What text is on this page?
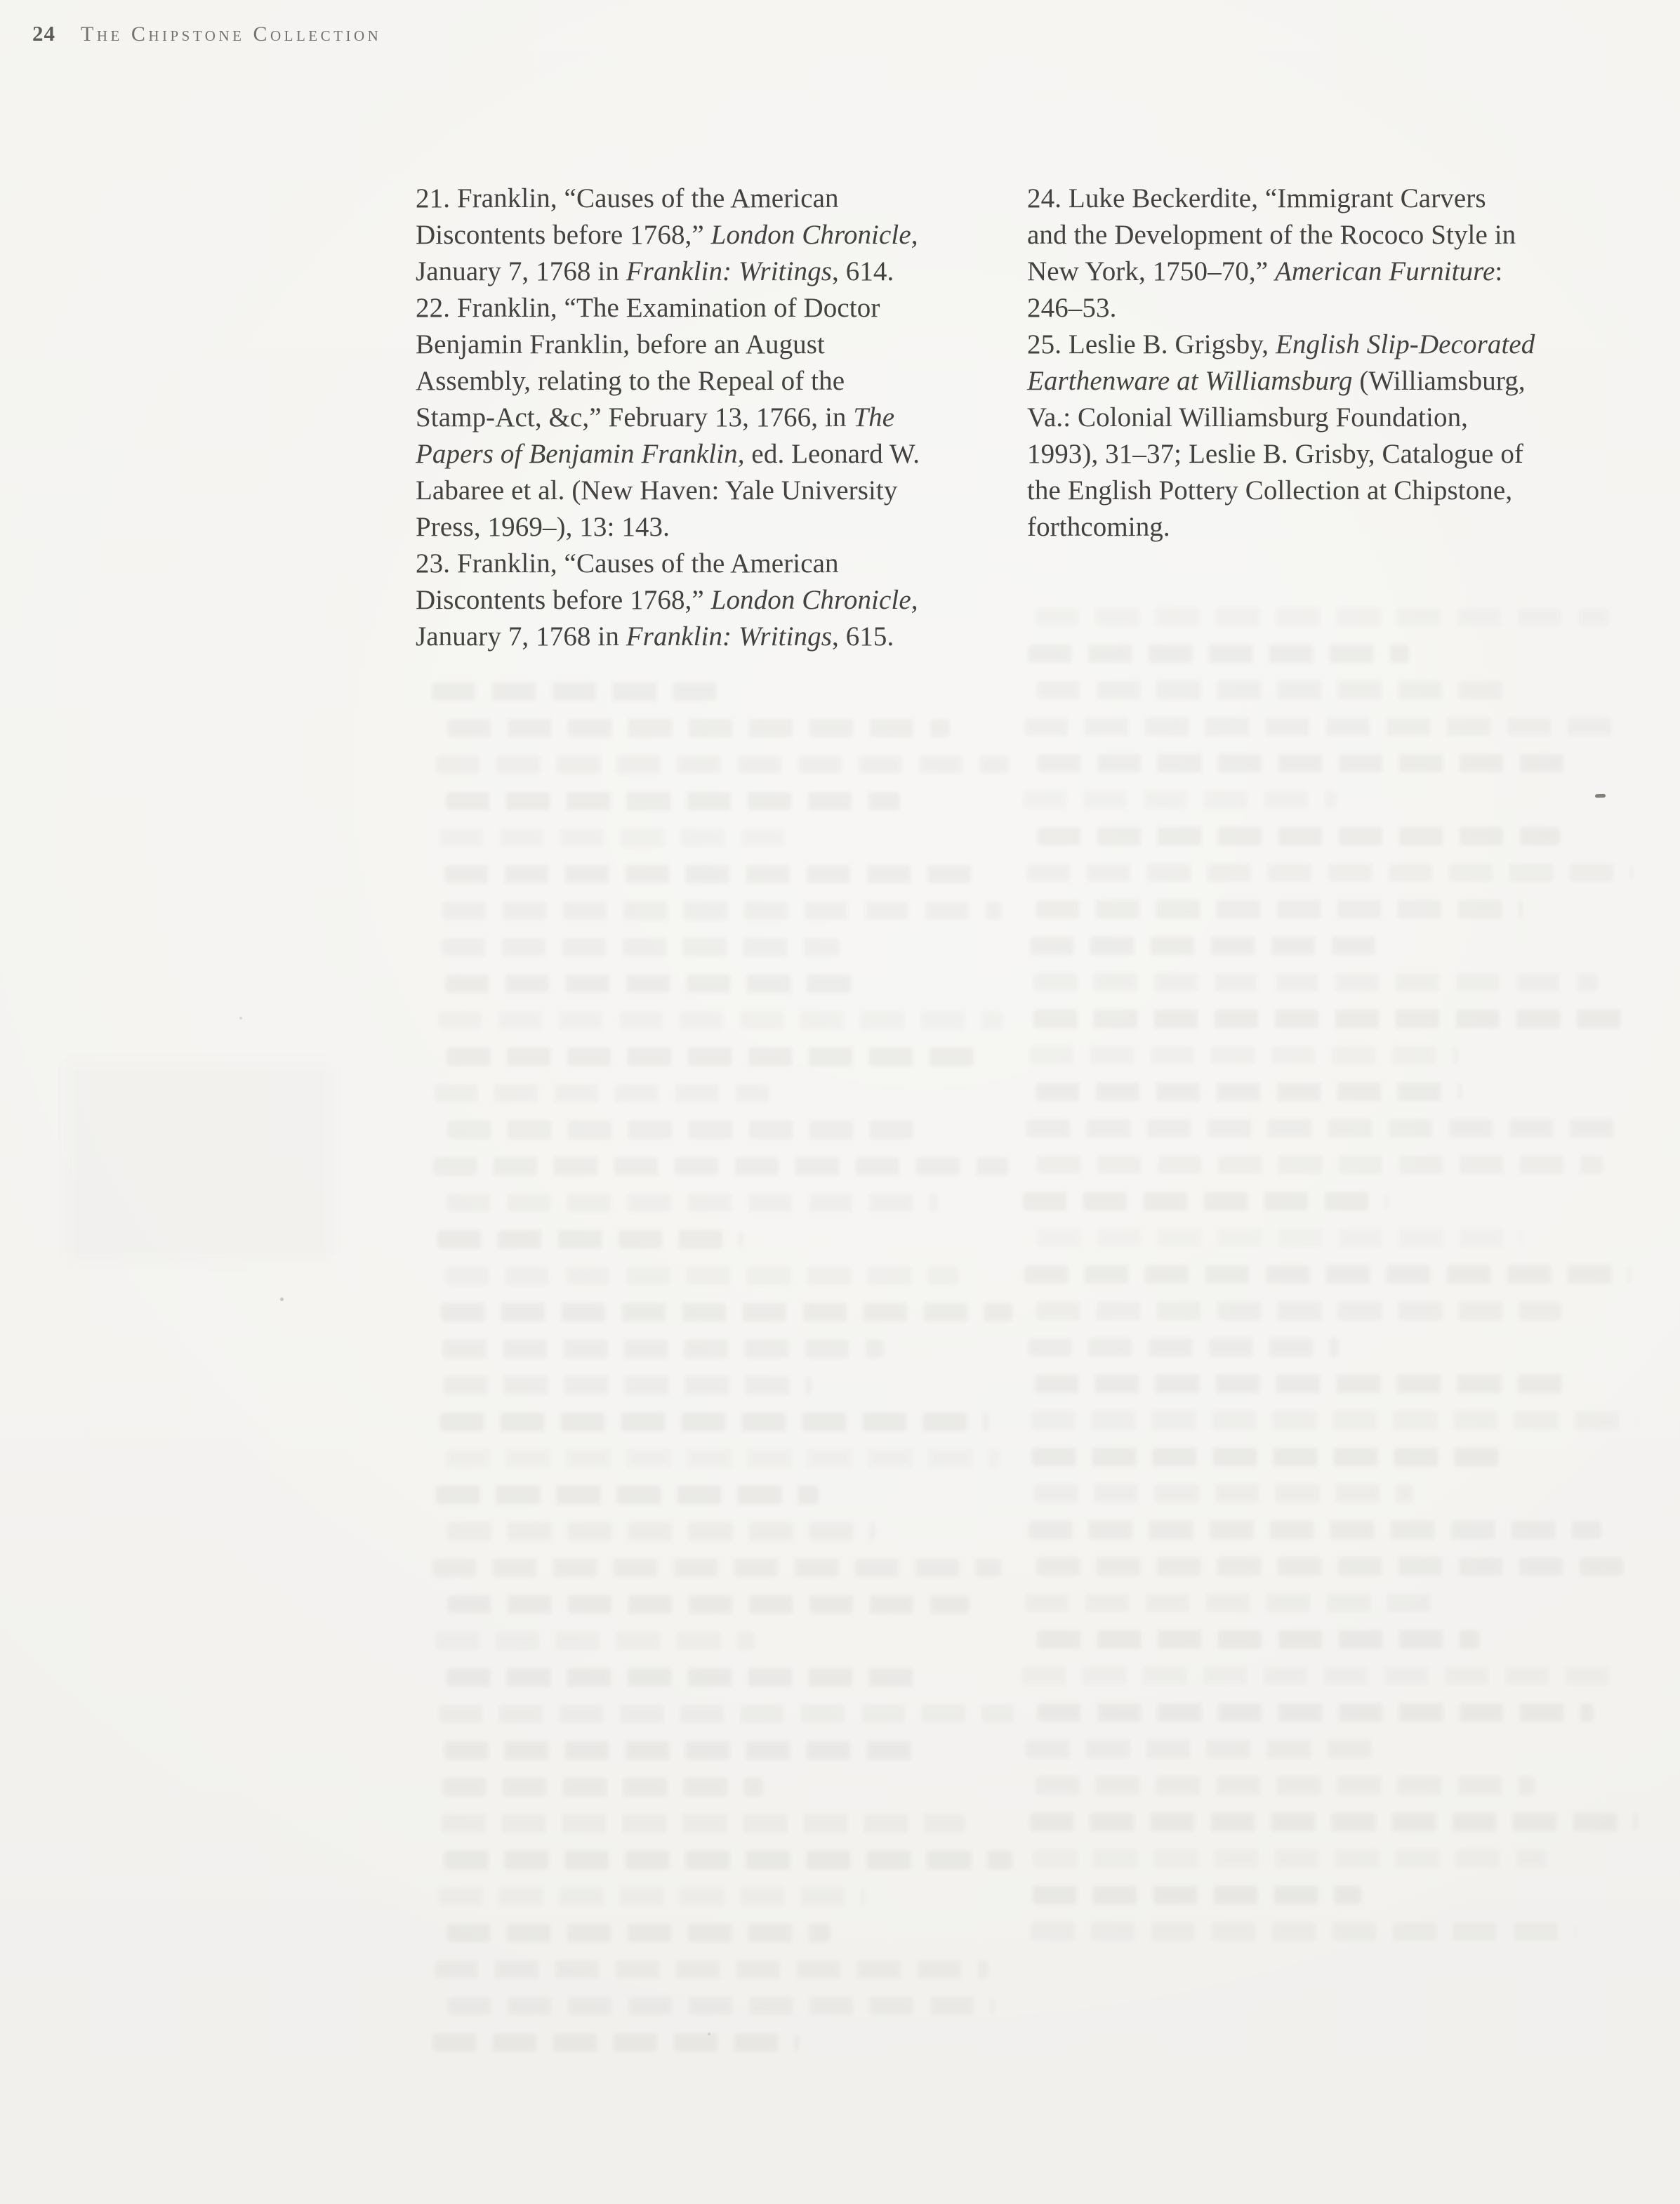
24 The Chipstone Collection
21. Franklin, “Causes of the American
Discontents before 1768,” London Chronicle,
January 7, 1768 in Franklin: Writings, 614.
22. Franklin, “The Examination of Doctor
Benjamin Franklin, before an August
Assembly, relating to the Repeal of the
Stamp-Act, &c,” February 13, 1766, in The
Papers of Benjamin Franklin, ed. Leonard W.
Labaree et al. (New Haven: Yale University
Press, 1969–), 13: 143.
23. Franklin, “Causes of the American
Discontents before 1768,” London Chronicle,
January 7, 1768 in Franklin: Writings, 615.
24. Luke Beckerdite, “Immigrant Carvers
and the Development of the Rococo Style in
New York, 1750–70,” American Furniture:
246–53.
25. Leslie B. Grigsby, English Slip-Decorated
Earthenware at Williamsburg (Williamsburg,
Va.: Colonial Williamsburg Foundation,
1993), 31–37; Leslie B. Grisby, Catalogue of
the English Pottery Collection at Chipstone,
forthcoming.
